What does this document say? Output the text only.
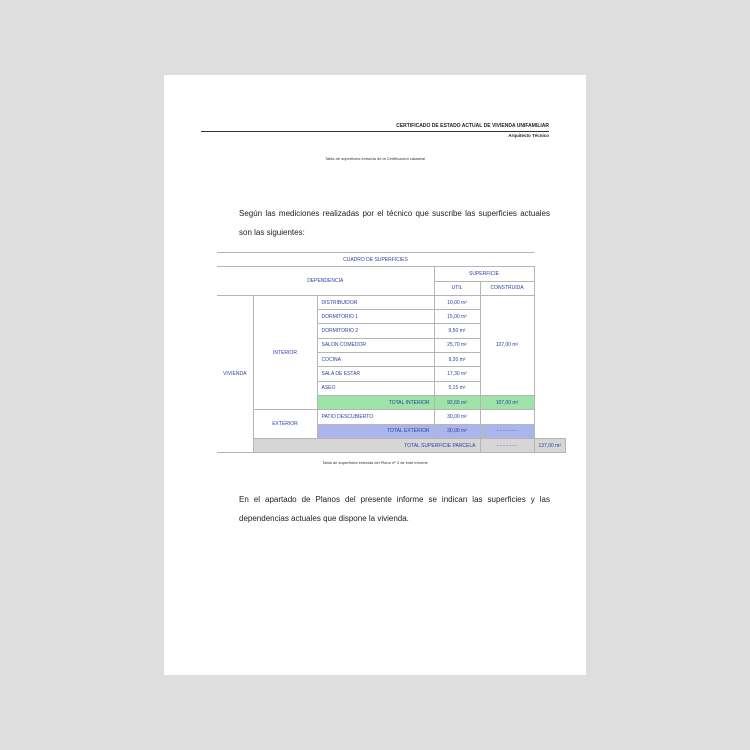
CERTIFICADO DE ESTADO ACTUAL DE VIVIENDA UNIFAMILIAR
Arquitecto Técnico
Tabla de superficies extraída de la Certificación catastral
Según las mediciones realizadas por el técnico que suscribe las superficies actuales son las siguientes:
CUADRO DE SUPERFICIES					
DEPENDENCIA			SUPERFICIE		
			UTIL	CONSTRUIDA	
VIVIENDA	INTERIOR	DISTRIBUIDOR	10,00 m²	107,00 m²	
		DORMITORIO 1	15,00 m²		
		DORMITORIO 2	9,50 m²		
		SALON COMEDOR	25,70 m²		
		COCINA	9,20 m²		
		SALA DE ESTAR	17,30 m²		
		ASEO	5,15 m²		
		TOTAL INTERIOR	92,65 m²	107,00 m²	
	EXTERIOR	PATIO DESCUBIERTO	30,00 m²		
		TOTAL EXTERIOR	30,00 m²	- - - - - - -	
	TOTAL SUPERFICIE PARCELA			- - - - - - -	137,00 m²
Tabla de superficies extraída del Plano nº 3 de este informe
En el apartado de Planos del presente informe se indican las superficies y las dependencias actuales que dispone la vivienda.
